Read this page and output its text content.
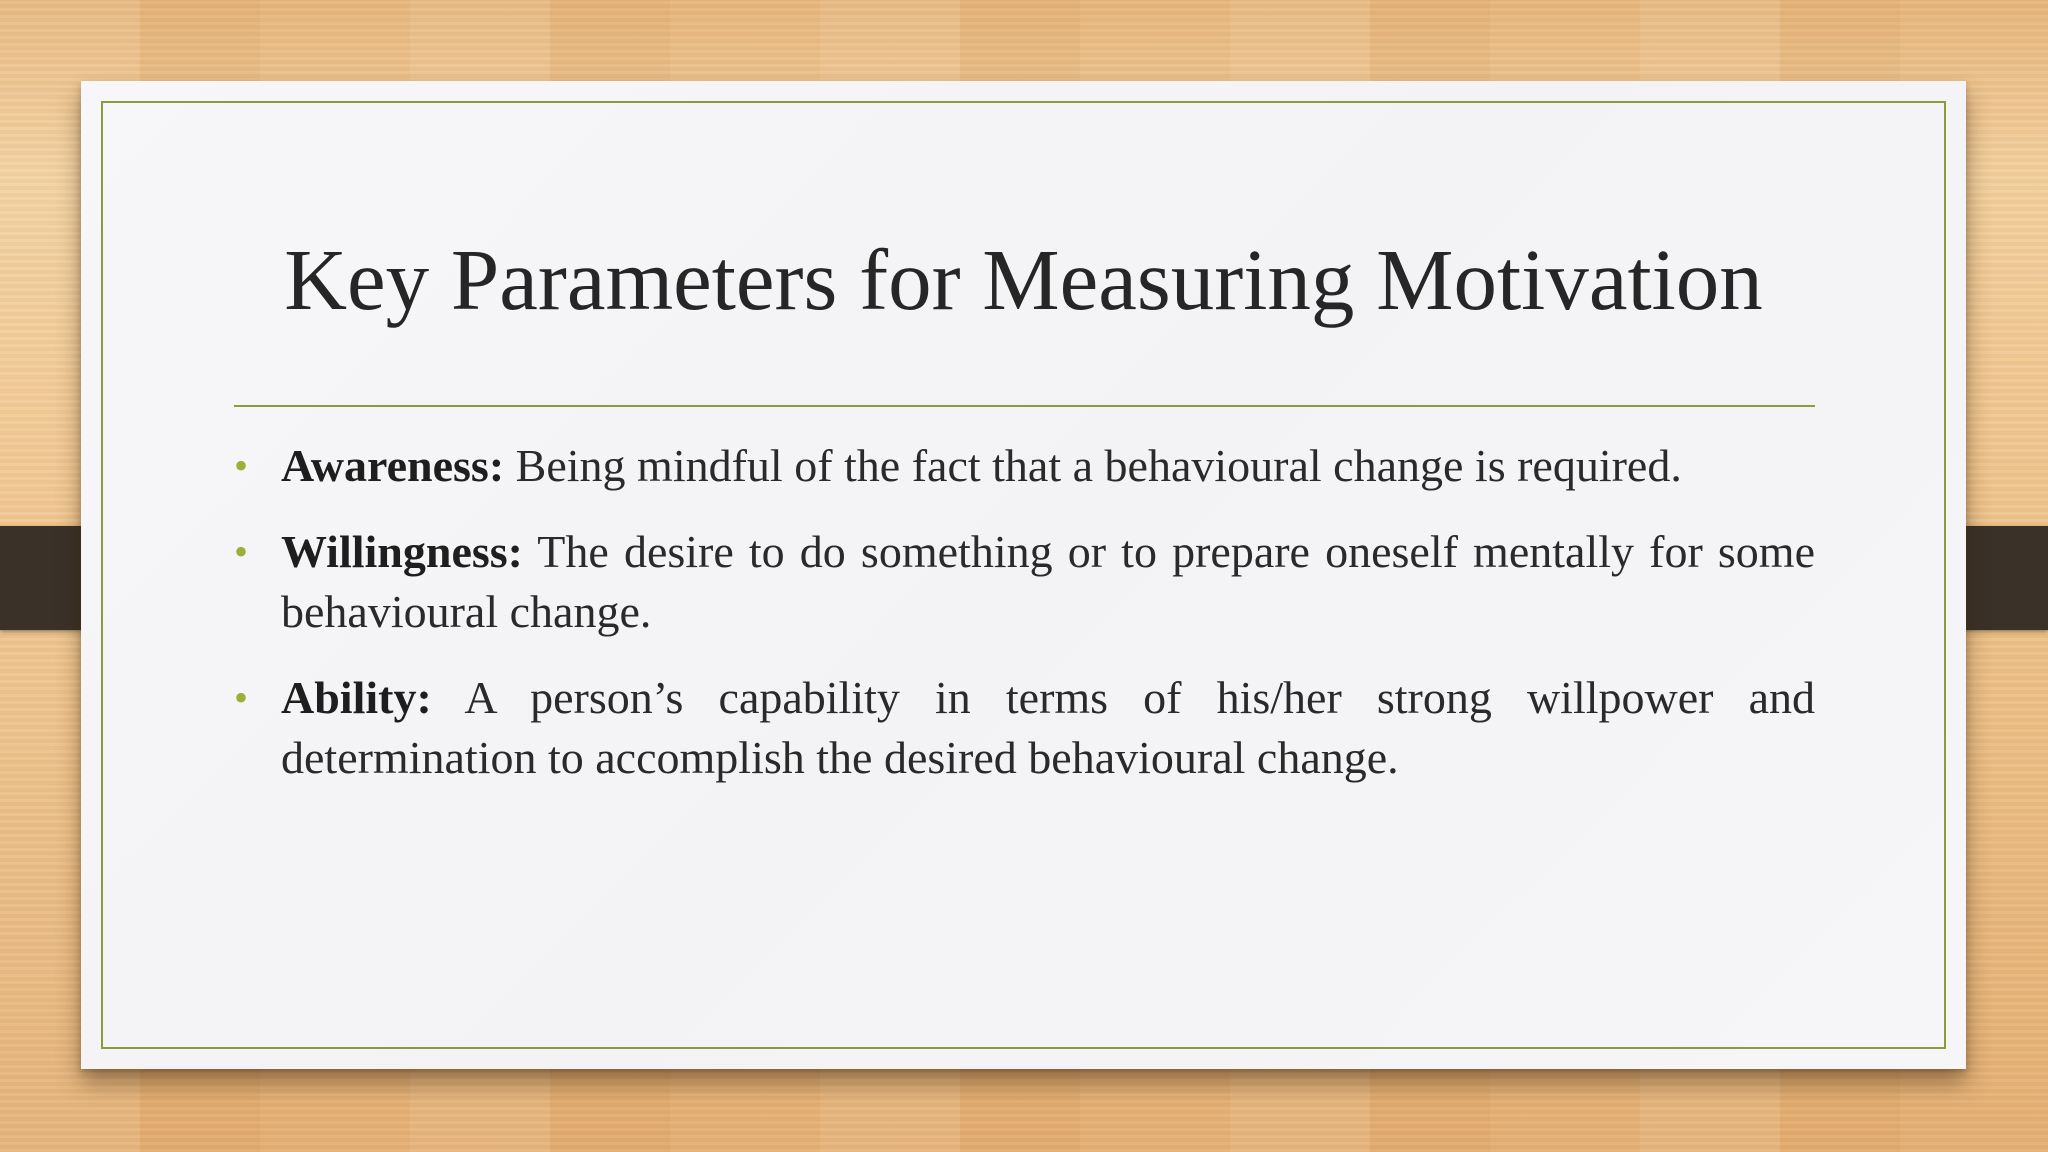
Key Parameters for Measuring Motivation
• Awareness: Being mindful of the fact that a behavioural change is required.
• Willingness: The desire to do something or to prepare oneself mentally for some behavioural change.
• Ability: A person’s capability in terms of his/her strong willpower and determination to accomplish the desired behavioural change.
